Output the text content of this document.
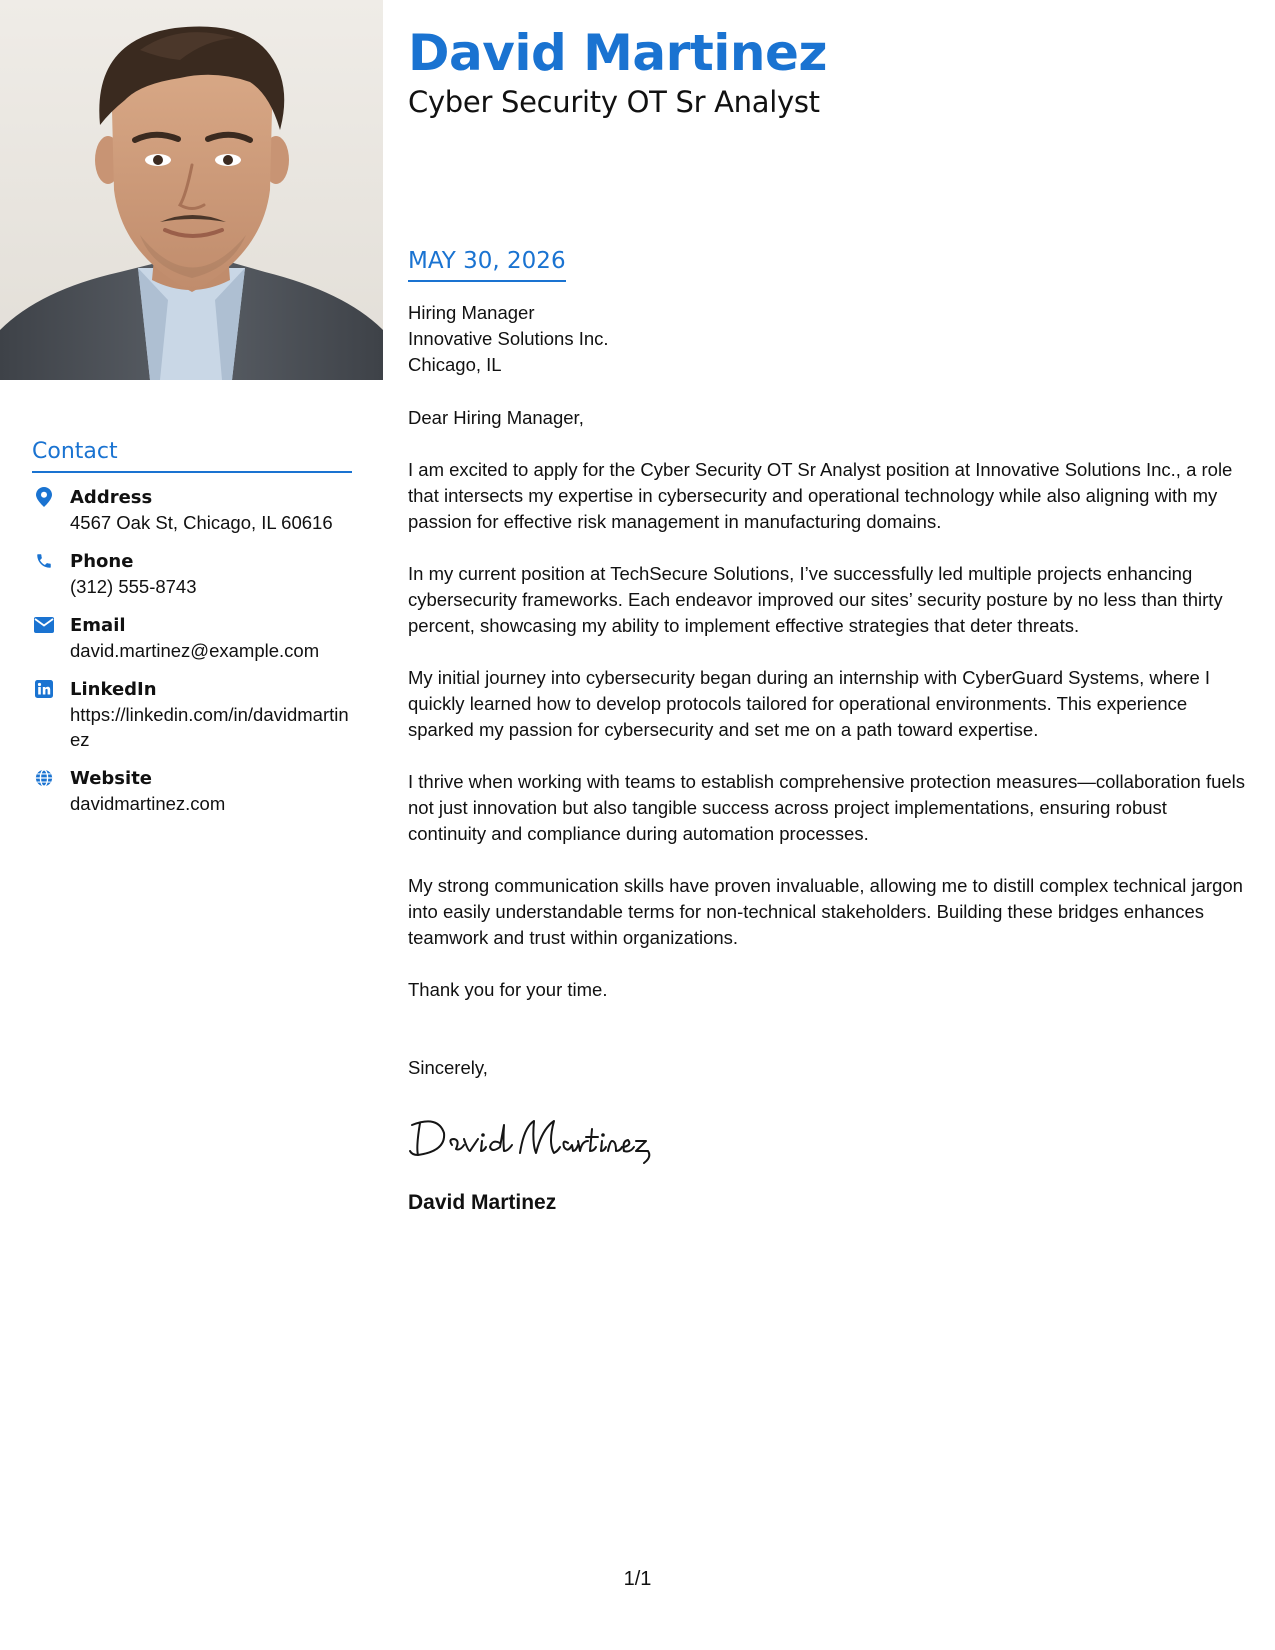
Contact
Address
4567 Oak St, Chicago, IL 60616
Phone
(312) 555-8743
Email
david.martinez@example.com
LinkedIn
https://linkedin.com/in/davidmartinez
Website
davidmartinez.com
David Martinez
Cyber Security OT Sr Analyst
MAY 30, 2026
Hiring Manager
Innovative Solutions Inc.
Chicago, IL
Dear Hiring Manager,
I am excited to apply for the Cyber Security OT Sr Analyst position at Innovative Solutions Inc., a role that intersects my expertise in cybersecurity and operational technology while also aligning with my passion for effective risk management in manufacturing domains.
In my current position at TechSecure Solutions, I’ve successfully led multiple projects enhancing cybersecurity frameworks. Each endeavor improved our sites’ security posture by no less than thirty percent, showcasing my ability to implement effective strategies that deter threats.
My initial journey into cybersecurity began during an internship with CyberGuard Systems, where I quickly learned how to develop protocols tailored for operational environments. This experience sparked my passion for cybersecurity and set me on a path toward expertise.
I thrive when working with teams to establish comprehensive protection measures—collaboration fuels not just innovation but also tangible success across project implementations, ensuring robust continuity and compliance during automation processes.
My strong communication skills have proven invaluable, allowing me to distill complex technical jargon into easily understandable terms for non-technical stakeholders. Building these bridges enhances teamwork and trust within organizations.
Thank you for your time.
Sincerely,
David Martinez
1/1
